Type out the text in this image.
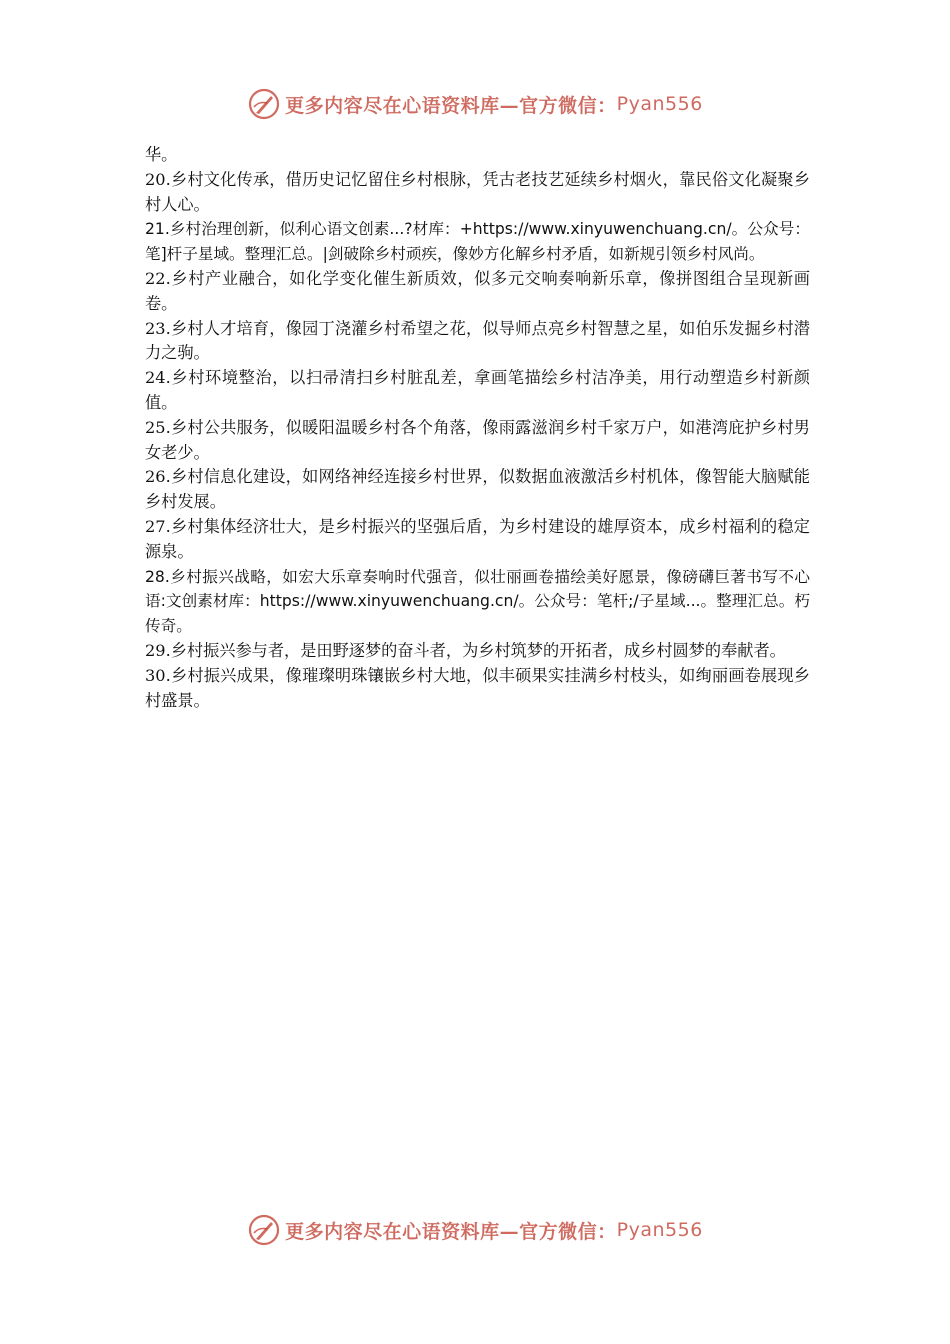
更多内容尽在心语资料库—官方微信： Pyan556

华。

20.乡村文化传承，借历史记忆留住乡村根脉，凭古老技艺延续乡村烟火，靠民俗文化凝聚乡村人心。

21.乡村治理创新，似利心语文创素...?材库：+https://www.xinyuwenchuang.cn/。公众号：笔]杆子星域。整理汇总。|剑破除乡村顽疾，像妙方化解乡村矛盾，如新规引领乡村风尚。

22.乡村产业融合，如化学变化催生新质效，似多元交响奏响新乐章，像拼图组合呈现新画卷。

23.乡村人才培育，像园丁浇灌乡村希望之花，似导师点亮乡村智慧之星，如伯乐发掘乡村潜力之驹。

24.乡村环境整治，以扫帚清扫乡村脏乱差，拿画笔描绘乡村洁净美，用行动塑造乡村新颜值。

25.乡村公共服务，似暖阳温暖乡村各个角落，像雨露滋润乡村千家万户，如港湾庇护乡村男女老少。

26.乡村信息化建设，如网络神经连接乡村世界，似数据血液激活乡村机体，像智能大脑赋能乡村发展。

27.乡村集体经济壮大，是乡村振兴的坚强后盾，为乡村建设的雄厚资本，成乡村福利的稳定源泉。

28.乡村振兴战略，如宏大乐章奏响时代强音，似壮丽画卷描绘美好愿景，像磅礴巨著书写不心语:文创素材库：https://www.xinyuwenchuang.cn/。公众号：笔杆;/子星域...。整理汇总。朽传奇。

29.乡村振兴参与者，是田野逐梦的奋斗者，为乡村筑梦的开拓者，成乡村圆梦的奉献者。

30.乡村振兴成果，像璀璨明珠镶嵌乡村大地，似丰硕果实挂满乡村枝头，如绚丽画卷展现乡村盛景。

更多内容尽在心语资料库—官方微信： Pyan556
